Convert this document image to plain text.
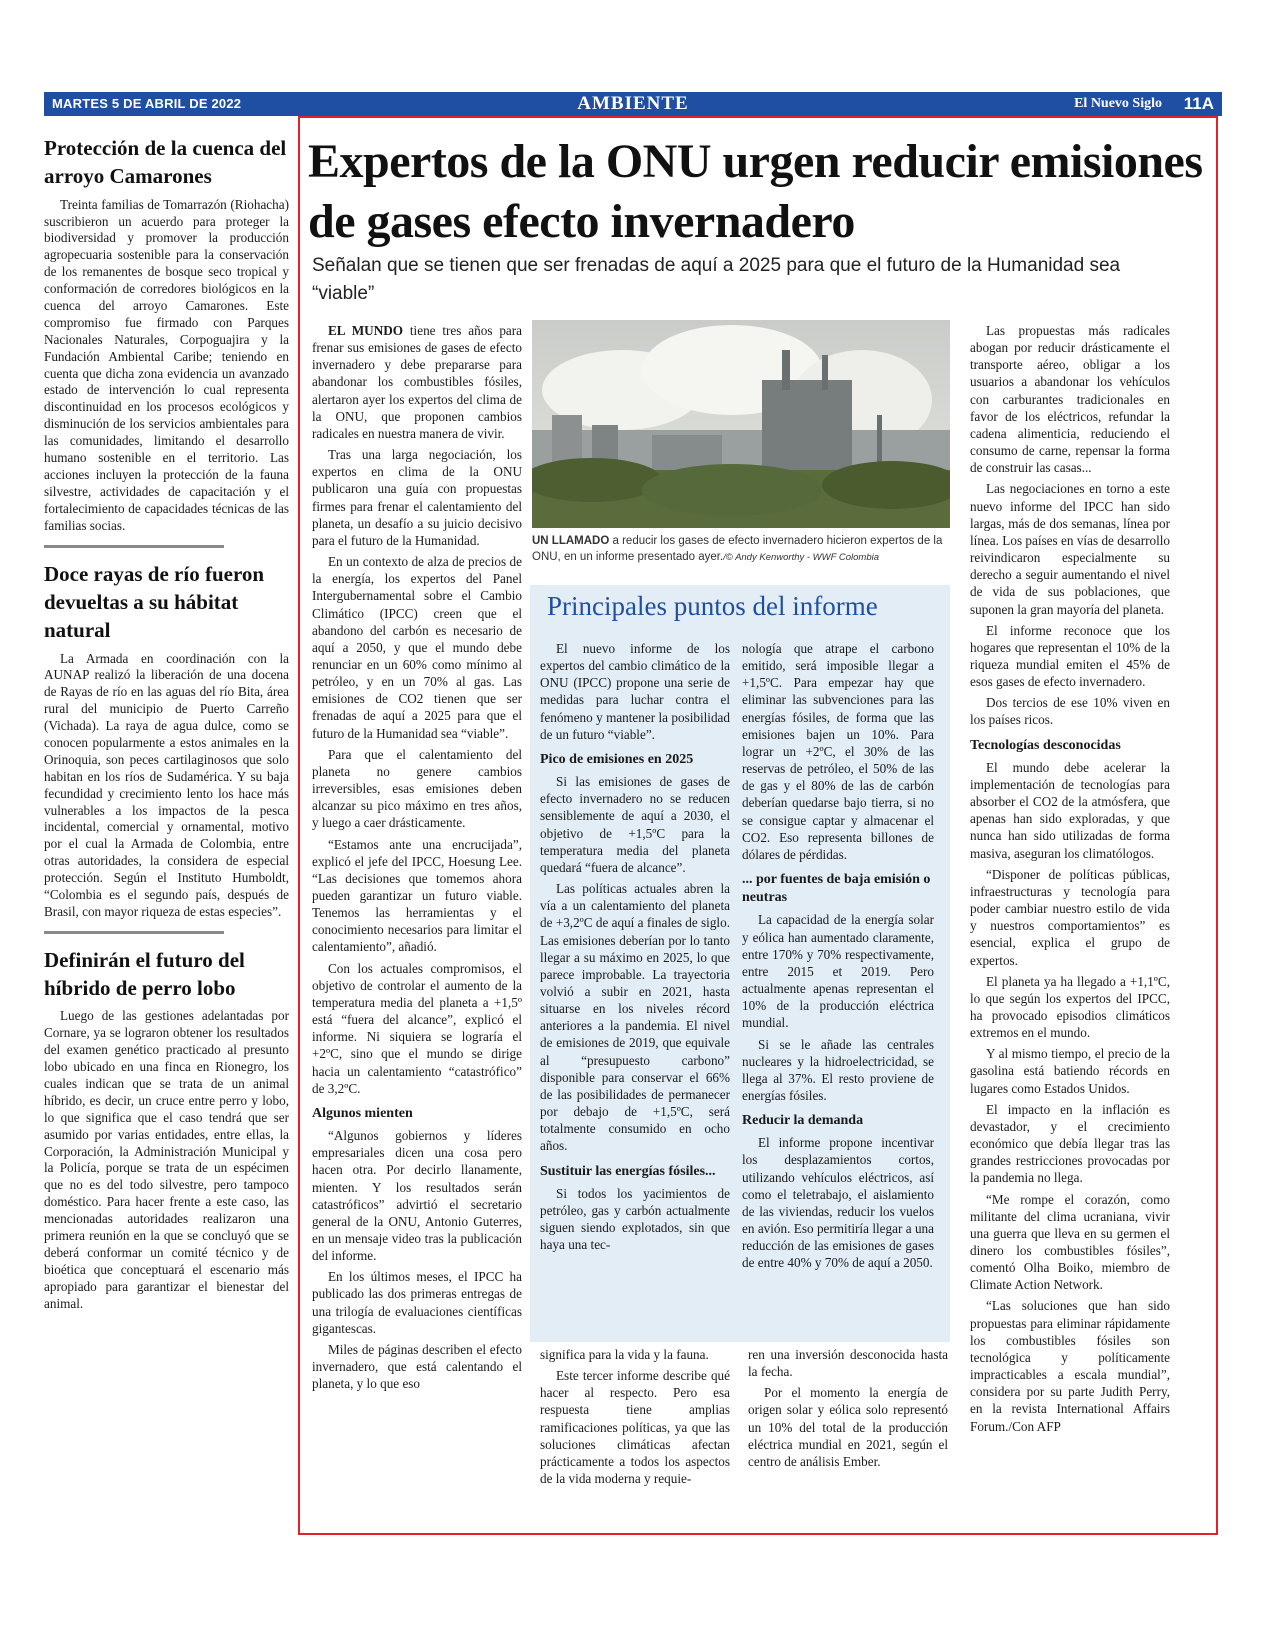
MARTES 5 DE ABRIL DE 2022	AMBIENTE	El Nuevo Siglo 11A
Protección de la cuenca del arroyo Camarones

Treinta familias de Tomarrazón (Riohacha) suscribieron un acuerdo para proteger la biodiversidad y promover la producción agropecuaria sostenible para la conservación de los remanentes de bosque seco tropical y conformación de corredores biológicos en la cuenca del arroyo Camarones. Este compromiso fue firmado con Parques Nacionales Naturales, Corpoguajira y la Fundación Ambiental Caribe; teniendo en cuenta que dicha zona evidencia un avanzado estado de intervención lo cual representa discontinuidad en los procesos ecológicos y disminución de los servicios ambientales para las comunidades, limitando el desarrollo humano sostenible en el territorio. Las acciones incluyen la protección de la fauna silvestre, actividades de capacitación y el fortalecimiento de capacidades técnicas de las familias socias.

Doce rayas de río fueron devueltas a su hábitat natural

La Armada en coordinación con la AUNAP realizó la liberación de una docena de Rayas de río en las aguas del río Bita, área rural del municipio de Puerto Carreño (Vichada). La raya de agua dulce, como se conocen popularmente a estos animales en la Orinoquia, son peces cartilaginosos que solo habitan en los ríos de Sudamérica. Y su baja fecundidad y crecimiento lento los hace más vulnerables a los impactos de la pesca incidental, comercial y ornamental, motivo por el cual la Armada de Colombia, entre otras autoridades, la considera de especial protección. Según el Instituto Humboldt, “Colombia es el segundo país, después de Brasil, con mayor riqueza de estas especies”.

Definirán el futuro del híbrido de perro lobo

Luego de las gestiones adelantadas por Cornare, ya se lograron obtener los resultados del examen genético practicado al presunto lobo ubicado en una finca en Rionegro, los cuales indican que se trata de un animal híbrido, es decir, un cruce entre perro y lobo, lo que significa que el caso tendrá que ser asumido por varias entidades, entre ellas, la Corporación, la Administración Municipal y la Policía, porque se trata de un espécimen que no es del todo silvestre, pero tampoco doméstico. Para hacer frente a este caso, las mencionadas autoridades realizaron una primera reunión en la que se concluyó que se deberá conformar un comité técnico y de bioética que conceptuará el escenario más apropiado para garantizar el bienestar del animal.

Expertos de la ONU urgen reducir emisiones de gases efecto invernadero

Señalan que se tienen que ser frenadas de aquí a 2025 para que el futuro de la Humanidad sea “viable”

EL MUNDO tiene tres años para frenar sus emisiones de gases de efecto invernadero y debe prepararse para abandonar los combustibles fósiles, alertaron ayer los expertos del clima de la ONU, que proponen cambios radicales en nuestra manera de vivir.

Tras una larga negociación, los expertos en clima de la ONU publicaron una guía con propuestas firmes para frenar el calentamiento del planeta, un desafío a su juicio decisivo para el futuro de la Humanidad.

En un contexto de alza de precios de la energía, los expertos del Panel Intergubernamental sobre el Cambio Climático (IPCC) creen que el abandono del carbón es necesario de aquí a 2050, y que el mundo debe renunciar en un 60% como mínimo al petróleo, y en un 70% al gas. Las emisiones de CO2 tienen que ser frenadas de aquí a 2025 para que el futuro de la Humanidad sea “viable”.

Para que el calentamiento del planeta no genere cambios irreversibles, esas emisiones deben alcanzar su pico máximo en tres años, y luego a caer drásticamente.

“Estamos ante una encrucijada”, explicó el jefe del IPCC, Hoesung Lee. “Las decisiones que tomemos ahora pueden garantizar un futuro viable. Tenemos las herramientas y el conocimiento necesarios para limitar el calentamiento”, añadió.

Con los actuales compromisos, el objetivo de controlar el aumento de la temperatura media del planeta a +1,5º está “fuera del alcance”, explicó el informe. Ni siquiera se lograría el +2ºC, sino que el mundo se dirige hacia un calentamiento “catastrófico” de 3,2ºC.

Algunos mienten

“Algunos gobiernos y líderes empresariales dicen una cosa pero hacen otra. Por decirlo llanamente, mienten. Y los resultados serán catastróficos” advirtió el secretario general de la ONU, Antonio Guterres, en un mensaje video tras la publicación del informe.

En los últimos meses, el IPCC ha publicado las dos primeras entregas de una trilogía de evaluaciones científicas gigantescas.

Miles de páginas describen el efecto invernadero, que está calentando el planeta, y lo que eso

UN LLAMADO a reducir los gases de efecto invernadero hicieron expertos de la ONU, en un informe presentado ayer./© Andy Kenworthy - WWF Colombia
Principales puntos del informe

El nuevo informe de los expertos del cambio climático de la ONU (IPCC) propone una serie de medidas para luchar contra el fenómeno y mantener la posibilidad de un futuro “viable”.

Pico de emisiones en 2025

Si las emisiones de gases de efecto invernadero no se reducen sensiblemente de aquí a 2030, el objetivo de +1,5ºC para la temperatura media del planeta quedará “fuera de alcance”.

Las políticas actuales abren la vía a un calentamiento del planeta de +3,2ºC de aquí a finales de siglo. Las emisiones deberían por lo tanto llegar a su máximo en 2025, lo que parece improbable. La trayectoria volvió a subir en 2021, hasta situarse en los niveles récord anteriores a la pandemia. El nivel de emisiones de 2019, que equivale al “presupuesto carbono” disponible para conservar el 66% de las posibilidades de permanecer por debajo de +1,5ºC, será totalmente consumido en ocho años.

Sustituir las energías fósiles...

Si todos los yacimientos de petróleo, gas y carbón actualmente siguen siendo explotados, sin que haya una tec-

nología que atrape el carbono emitido, será imposible llegar a +1,5ºC. Para empezar hay que eliminar las subvenciones para las energías fósiles, de forma que las emisiones bajen un 10%. Para lograr un +2ºC, el 30% de las reservas de petróleo, el 50% de las de gas y el 80% de las de carbón deberían quedarse bajo tierra, si no se consigue captar y almacenar el CO2. Eso representa billones de dólares de pérdidas.

... por fuentes de baja emisión o neutras

La capacidad de la energía solar y eólica han aumentado claramente, entre 170% y 70% respectivamente, entre 2015 et 2019. Pero actualmente apenas representan el 10% de la producción eléctrica mundial.

Si se le añade las centrales nucleares y la hidroelectricidad, se llega al 37%. El resto proviene de energías fósiles.

Reducir la demanda

El informe propone incentivar los desplazamientos cortos, utilizando vehículos eléctricos, así como el teletrabajo, el aislamiento de las viviendas, reducir los vuelos en avión. Eso permitiría llegar a una reducción de las emisiones de gases de entre 40% y 70% de aquí a 2050.

significa para la vida y la fauna.

Este tercer informe describe qué hacer al respecto. Pero esa respuesta tiene amplias ramificaciones políticas, ya que las soluciones climáticas afectan prácticamente a todos los aspectos de la vida moderna y requie-

ren una inversión desconocida hasta la fecha.

Por el momento la energía de origen solar y eólica solo representó un 10% del total de la producción eléctrica mundial en 2021, según el centro de análisis Ember.

Las propuestas más radicales abogan por reducir drásticamente el transporte aéreo, obligar a los usuarios a abandonar los vehículos con carburantes tradicionales en favor de los eléctricos, refundar la cadena alimenticia, reduciendo el consumo de carne, repensar la forma de construir las casas...

Las negociaciones en torno a este nuevo informe del IPCC han sido largas, más de dos semanas, línea por línea. Los países en vías de desarrollo reivindicaron especialmente su derecho a seguir aumentando el nivel de vida de sus poblaciones, que suponen la gran mayoría del planeta.

El informe reconoce que los hogares que representan el 10% de la riqueza mundial emiten el 45% de esos gases de efecto invernadero.

Dos tercios de ese 10% viven en los países ricos.

Tecnologías desconocidas

El mundo debe acelerar la implementación de tecnologías para absorber el CO2 de la atmósfera, que apenas han sido exploradas, y que nunca han sido utilizadas de forma masiva, aseguran los climatólogos.

“Disponer de políticas públicas, infraestructuras y tecnología para poder cambiar nuestro estilo de vida y nuestros comportamientos” es esencial, explica el grupo de expertos.

El planeta ya ha llegado a +1,1ºC, lo que según los expertos del IPCC, ha provocado episodios climáticos extremos en el mundo.

Y al mismo tiempo, el precio de la gasolina está batiendo récords en lugares como Estados Unidos.

El impacto en la inflación es devastador, y el crecimiento económico que debía llegar tras las grandes restricciones provocadas por la pandemia no llega.

“Me rompe el corazón, como militante del clima ucraniana, vivir una guerra que lleva en su germen el dinero los combustibles fósiles”, comentó Olha Boiko, miembro de Climate Action Network.

“Las soluciones que han sido propuestas para eliminar rápidamente los combustibles fósiles son tecnológica y políticamente impracticables a escala mundial”, considera por su parte Judith Perry, en la revista International Affairs Forum./Con AFP
